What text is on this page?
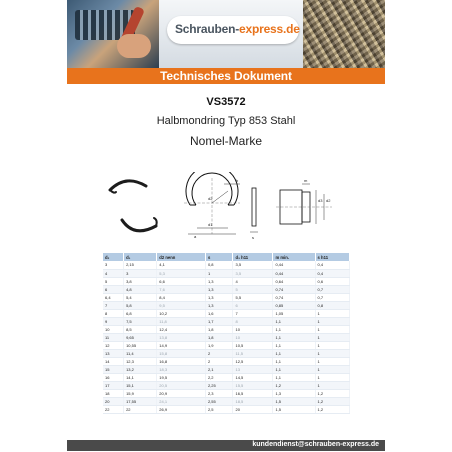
Schrauben-express.de
Technisches Dokument
VS3572
Halbmondring Typ 853 Stahl
Nomel-Marke
b
d2
d1
a	s
d3 d2
m
d₂	d₁	d2 nenn	s	d₃ h11	m min.	s h11
3	2,15	4,1	0,8	3,5	0,44	0,4
4	3	5,3	1	3,5	0,44	0,4
5	3,8	6,6	1,3	4	0,64	0,6
6	4,8	7,6	1,3	5	0,74	0,7
6,4	5,4	8,4	1,3	5,5	0,74	0,7
7	5,8	9,5	1,3	6	0,85	0,8
8	6,8	10,2	1,6	7	1,05	1
9	7,5	11,8	1,7	8	1,1	1
10	8,5	12,4	1,8	10	1,1	1
11	9,65	13,8	1,8	10	1,1	1
12	10,55	14,9	1,9	10,5	1,1	1
13	11,4	15,8	2	11,5	1,1	1
14	12,3	16,8	2	12,5	1,1	1
15	13,2	18,3	2,1	13	1,1	1
16	14,1	19,5	2,2	14,5	1,1	1
17	15,1	20,5	2,25	15,5	1,2	1
18	15,9	20,9	2,3	16,5	1,3	1,2
20	17,55	24,1	2,55	18,5	1,5	1,2
22	22	26,9	2,5	20	1,5	1,2
kundendienst@schrauben-express.de
